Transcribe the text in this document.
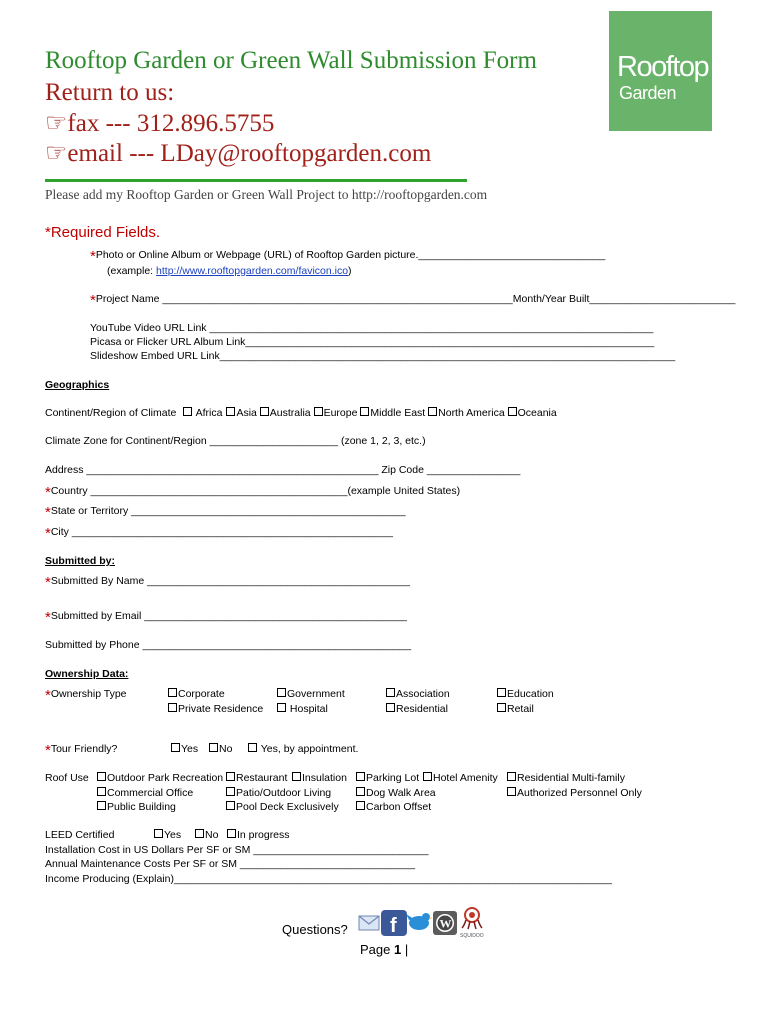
Rooftop Garden or Green Wall Submission Form
Return to us:
☞fax --- 312.896.5755
☞email --- LDay@rooftopgarden.com
Rooftop
Garden
Please add my Rooftop Garden or Green Wall Project to http://rooftopgarden.com
*Required Fields.
*Photo or Online Album or Webpage (URL) of Rooftop Garden picture.________________________________
(example: http://www.rooftopgarden.com/favicon.ico)
*Project Name ____________________________________________________________Month/Year Built_________________________
YouTube Video URL Link ____________________________________________________________________________
Picasa or Flicker URL Album Link______________________________________________________________________
Slideshow Embed URL Link______________________________________________________________________________
Geographics
Continent/Region of Climate Africa Asia Australia Europe Middle East North America Oceania
Climate Zone for Continent/Region ______________________ (zone 1, 2, 3, etc.)
Address __________________________________________________ Zip Code ________________
*Country ____________________________________________(example United States)
*State or Territory _______________________________________________
*City _______________________________________________________
Submitted by:
*Submitted By Name _____________________________________________
*Submitted by Email _____________________________________________
Submitted by Phone ______________________________________________
Ownership Data:
*Ownership Type	Corporate	Government	Association	Education
Private Residence	Hospital	Residential	Retail
*Tour Friendly?	Yes	No	Yes, by appointment.
Roof Use	Outdoor Park Recreation	Restaurant	Insulation	Parking Lot	Hotel Amenity	Residential Multi-family
Commercial Office	Patio/Outdoor Living	Dog Walk Area	Authorized Personnel Only
Public Building	Pool Deck Exclusively	Carbon Offset
LEED Certified	Yes	No	In progress
Installation Cost in US Dollars Per SF or SM ______________________________
Annual Maintenance Costs Per SF or SM ______________________________
Income Producing (Explain)___________________________________________________________________________
Questions? f	W
SQUIDOO
Page 1 |
